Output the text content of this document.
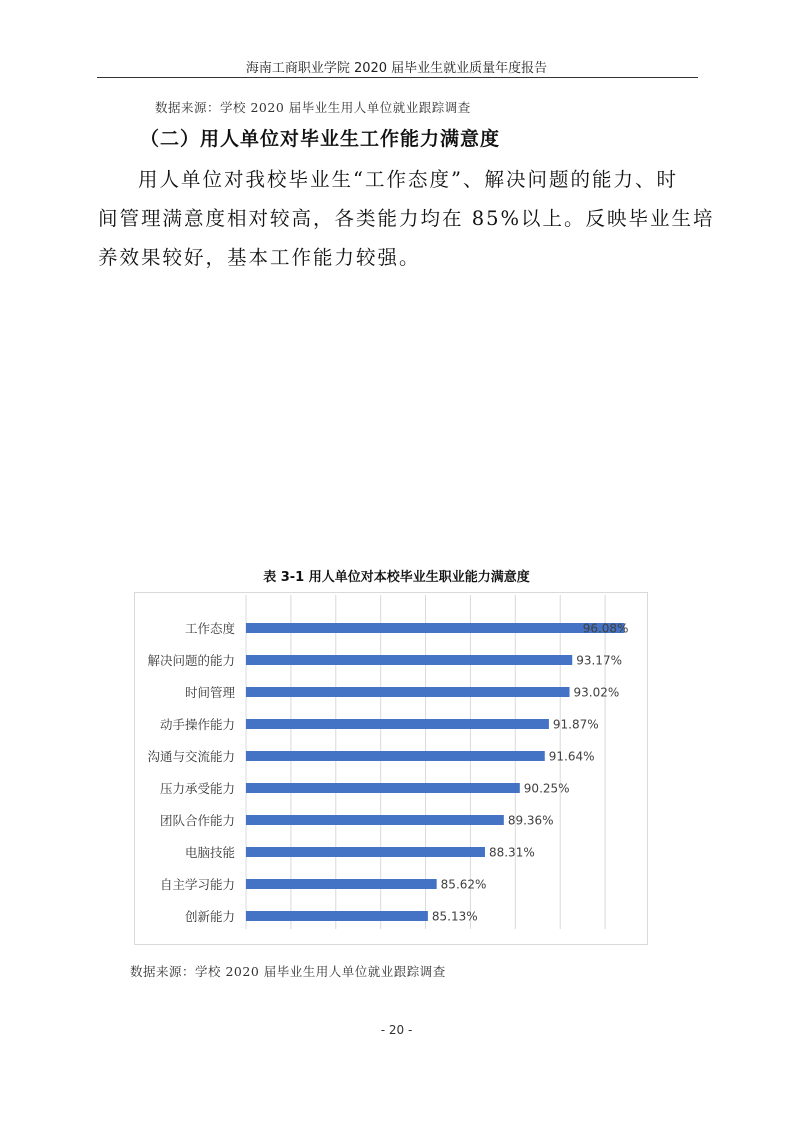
海南工商职业学院 2020 届毕业生就业质量年度报告
数据来源：学校 2020 届毕业生用人单位就业跟踪调查
（二）用人单位对毕业生工作能力满意度
用人单位对我校毕业生“工作态度”、解决问题的能力、时
间管理满意度相对较高，各类能力均在 85%以上。反映毕业生培
养效果较好，基本工作能力较强。
表 3-1 用人单位对本校毕业生职业能力满意度
工作态度	96.08%
解决问题的能力	93.17%
时间管理	93.02%
动手操作能力	91.87%
沟通与交流能力	91.64%
压力承受能力	90.25%
团队合作能力	89.36%
电脑技能	88.31%
自主学习能力	85.62%
创新能力	85.13%
数据来源：学校 2020 届毕业生用人单位就业跟踪调查
- 20 -
